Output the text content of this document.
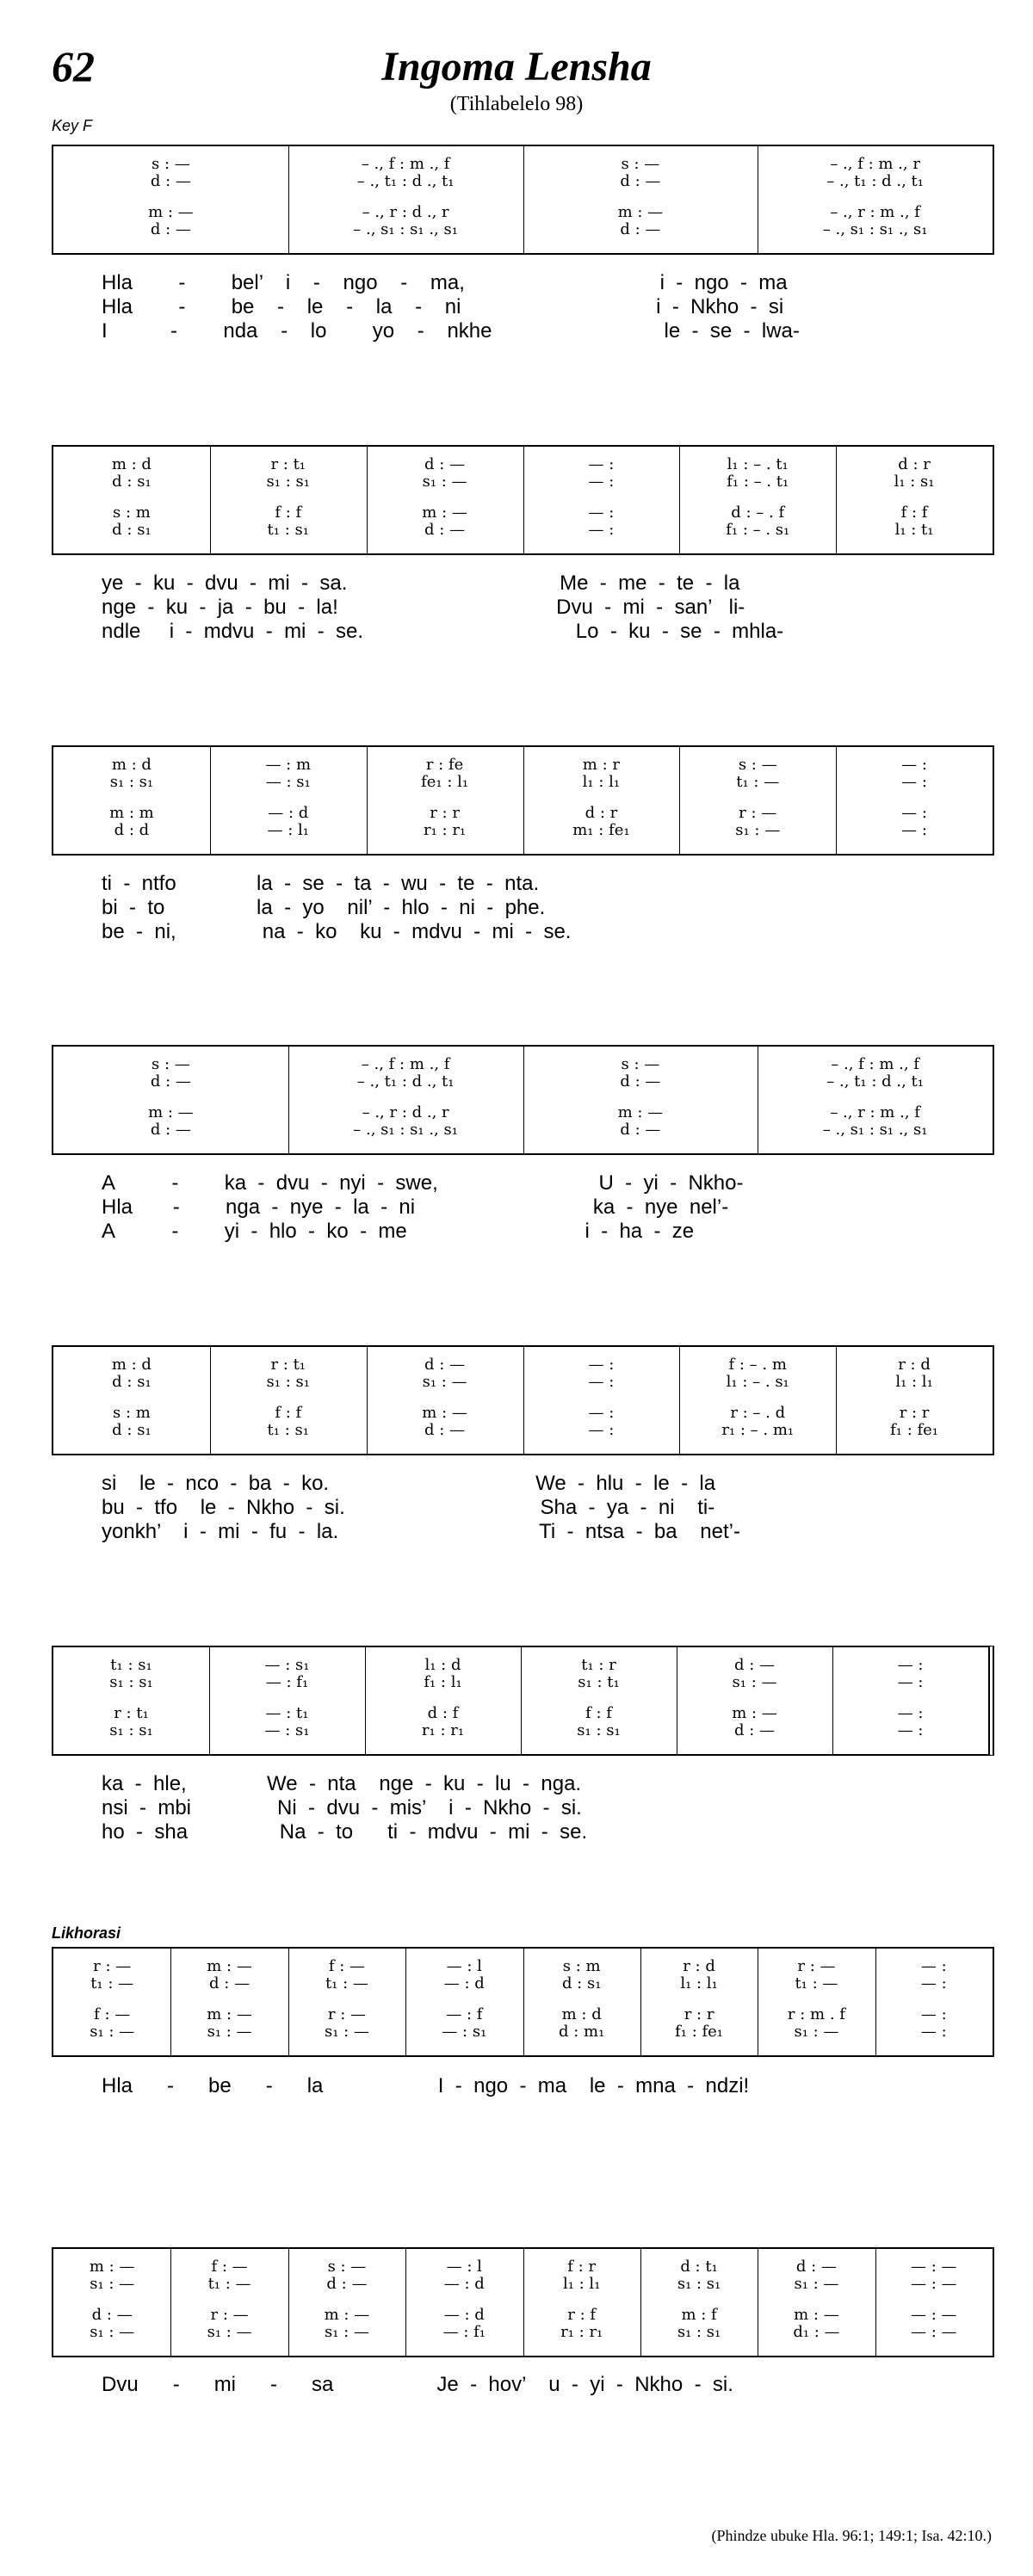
62	Ingoma Lensha
(Tihlabelelo 98)
Key F
Likhorasi
s : —	– ., f : m ., f	s : —	– ., f : m ., r
d : —	– ., t₁ : d ., t₁	d : —	– ., t₁ : d ., t₁
m : —	– ., r : d ., r	m : —	– ., r : m ., f
d : —	– ., s₁ : s₁ ., s₁	d : —	– ., s₁ : s₁ ., s₁
Hla        -        bel’    i    -    ngo    -    ma,                                  i  -  ngo  -  ma
Hla        -        be    -    le    -    la    -    ni                                  i  -  Nkho  -  si
I           -        nda    -    lo        yo    -    nkhe                              le  -  se  -  lwa-
m : d	r : t₁	d : —	— :	l₁ : – . t₁	d : r
d : s₁	s₁ : s₁	s₁ : —	— :	f₁ : – . t₁	l₁ : s₁
s : m	f : f	m : —	— :	d : – . f	f : f
d : s₁	t₁ : s₁	d : —	— :	f₁ : – . s₁	l₁ : t₁
ye  -  ku  -  dvu  -  mi  -  sa.                                     Me  -  me  -  te  -  la
nge  -  ku  -  ja  -  bu  -  la!                                      Dvu  -  mi  -  san’   li-
ndle     i  -  mdvu  -  mi  -  se.                                     Lo  -  ku  -  se  -  mhla-
m : d	— : m	r : fe	m : r	s : —	— :
s₁ : s₁	— : s₁	fe₁ : l₁	l₁ : l₁	t₁ : —	— :
m : m	— : d	r : r	d : r	r : —	— :
d : d	— : l₁	r₁ : r₁	m₁ : fe₁	s₁ : —	— :
ti  -  ntfo              la  -  se  -  ta  -  wu  -  te  -  nta.
bi  -  to                la  -  yo    nil’  -  hlo  -  ni  -  phe.
be  -  ni,               na  -  ko    ku  -  mdvu  -  mi  -  se.
s : —	– ., f : m ., f	s : —	– ., f : m ., f
d : —	– ., t₁ : d ., t₁	d : —	– ., t₁ : d ., t₁
m : —	– ., r : d ., r	m : —	– ., r : m ., f
d : —	– ., s₁ : s₁ ., s₁	d : —	– ., s₁ : s₁ ., s₁
A          -        ka  -  dvu  -  nyi  -  swe,                            U  -  yi  -  Nkho-
Hla       -        nga  -  nye  -  la  -  ni                               ka  -  nye  nel’-
A          -        yi  -  hlo  -  ko  -  me                               i  -  ha  -  ze
m : d	r : t₁	d : —	— :	f : – . m	r : d
d : s₁	s₁ : s₁	s₁ : —	— :	l₁ : – . s₁	l₁ : l₁
s : m	f : f	m : —	— :	r : – . d	r : r
d : s₁	t₁ : s₁	d : —	— :	r₁ : – . m₁	f₁ : fe₁
si    le  -  nco  -  ba  -  ko.                                    We  -  hlu  -  le  -  la
bu  -  tfo    le  -  Nkho  -  si.                                  Sha  -  ya  -  ni    ti-
yonkh’    i  -  mi  -  fu  -  la.                                   Ti  -  ntsa  -  ba    net’-
t₁ : s₁	— : s₁	l₁ : d	t₁ : r	d : —	— :
s₁ : s₁	— : f₁	f₁ : l₁	s₁ : t₁	s₁ : —	— :
r : t₁	— : t₁	d : f	f : f	m : —	— :
s₁ : s₁	— : s₁	r₁ : r₁	s₁ : s₁	d : —	— :
ka  -  hle,              We  -  nta    nge  -  ku  -  lu  -  nga.
nsi  -  mbi               Ni  -  dvu  -  mis’    i  -  Nkho  -  si.
ho  -  sha                Na  -  to      ti  -  mdvu  -  mi  -  se.
r : —	m : —	f : —	— : l	s : m	r : d	r : —	— :
t₁ : —	d : —	t₁ : —	— : d	d : s₁	l₁ : l₁	t₁ : —	— :
f : —	m : —	r : —	— : f	m : d	r : r	r : m . f	— :
s₁ : —	s₁ : —	s₁ : —	— : s₁	d : m₁	f₁ : fe₁	s₁ : —	— :
Hla      -      be      -      la                    I  -  ngo  -  ma    le  -  mna  -  ndzi!
m : —	f : —	s : —	— : l	f : r	d : t₁	d : —	— : —
s₁ : —	t₁ : —	d : —	— : d	l₁ : l₁	s₁ : s₁	s₁ : —	— : —
d : —	r : —	m : —	— : d	r : f	m : f	m : —	— : —
s₁ : —	s₁ : —	s₁ : —	— : f₁	r₁ : r₁	s₁ : s₁	d₁ : —	— : —
Dvu      -      mi      -      sa                  Je  -  hov’    u  -  yi  -  Nkho  -  si.
(Phindze ubuke Hla. 96:1; 149:1; Isa. 42:10.)
